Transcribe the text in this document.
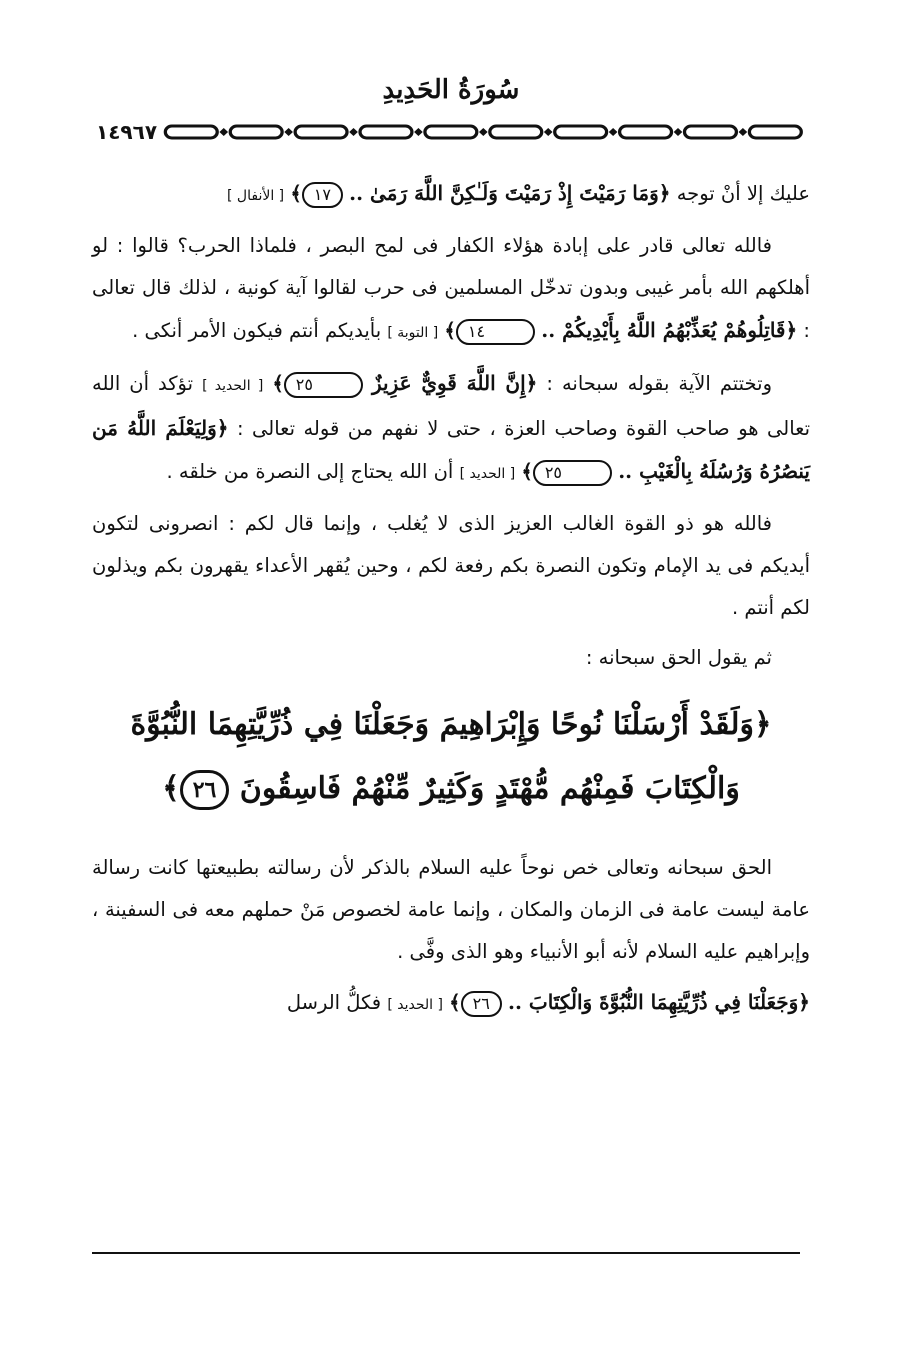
سُورَةُ الحَدِيدِ
١٤٩٦٧

عليك إلا أنْ توجه ﴿وَمَا رَمَيْتَ إِذْ رَمَيْتَ وَلَـٰكِنَّ اللَّهَ رَمَىٰ .. ١٧﴾ [ الأنفال ]

فالله تعالى قادر على إبادة هؤلاء الكفار فى لمح البصر ، فلماذا الحرب؟ قالوا : لو أهلكهم الله بأمر غيبى وبدون تدخّل المسلمين فى حرب لقالوا آية كونية ، لذلك قال تعالى : ﴿قَاتِلُوهُمْ يُعَذِّبْهُمُ اللَّهُ بِأَيْدِيكُمْ .. ١٤﴾ [ التوبة ] بأيديكم أنتم فيكون الأمر أنكى .

وتختتم الآية بقوله سبحانه : ﴿إِنَّ اللَّهَ قَوِيٌّ عَزِيزٌ ٢٥﴾ [ الحديد ] تؤكد أن الله تعالى هو صاحب القوة وصاحب العزة ، حتى لا نفهم من قوله تعالى : ﴿وَلِيَعْلَمَ اللَّهُ مَن يَنصُرُهُ وَرُسُلَهُ بِالْغَيْبِ .. ٢٥﴾ [ الحديد ] أن الله يحتاج إلى النصرة من خلقه .

فالله هو ذو القوة الغالب العزيز الذى لا يُغلب ، وإنما قال لكم : انصرونى لتكون أيديكم فى يد الإمام وتكون النصرة بكم رفعة لكم ، وحين يُقهر الأعداء يقهرون بكم ويذلون لكم أنتم .

ثم يقول الحق سبحانه :

﴿وَلَقَدْ أَرْسَلْنَا نُوحًا وَإِبْرَاهِيمَ وَجَعَلْنَا فِي ذُرِّيَّتِهِمَا النُّبُوَّةَ
وَالْكِتَابَ فَمِنْهُم مُّهْتَدٍ وَكَثِيرٌ مِّنْهُمْ فَاسِقُونَ ٢٦﴾

الحق سبحانه وتعالى خص نوحاً عليه السلام بالذكر لأن رسالته بطبيعتها كانت رسالة عامة ليست عامة فى الزمان والمكان ، وإنما عامة لخصوص مَنْ حملهم معه فى السفينة ، وإبراهيم عليه السلام لأنه أبو الأنبياء وهو الذى وفَّى .

﴿وَجَعَلْنَا فِي ذُرِّيَّتِهِمَا النُّبُوَّةَ وَالْكِتَابَ .. ٢٦﴾ [ الحديد ] فكلُّ الرسل
